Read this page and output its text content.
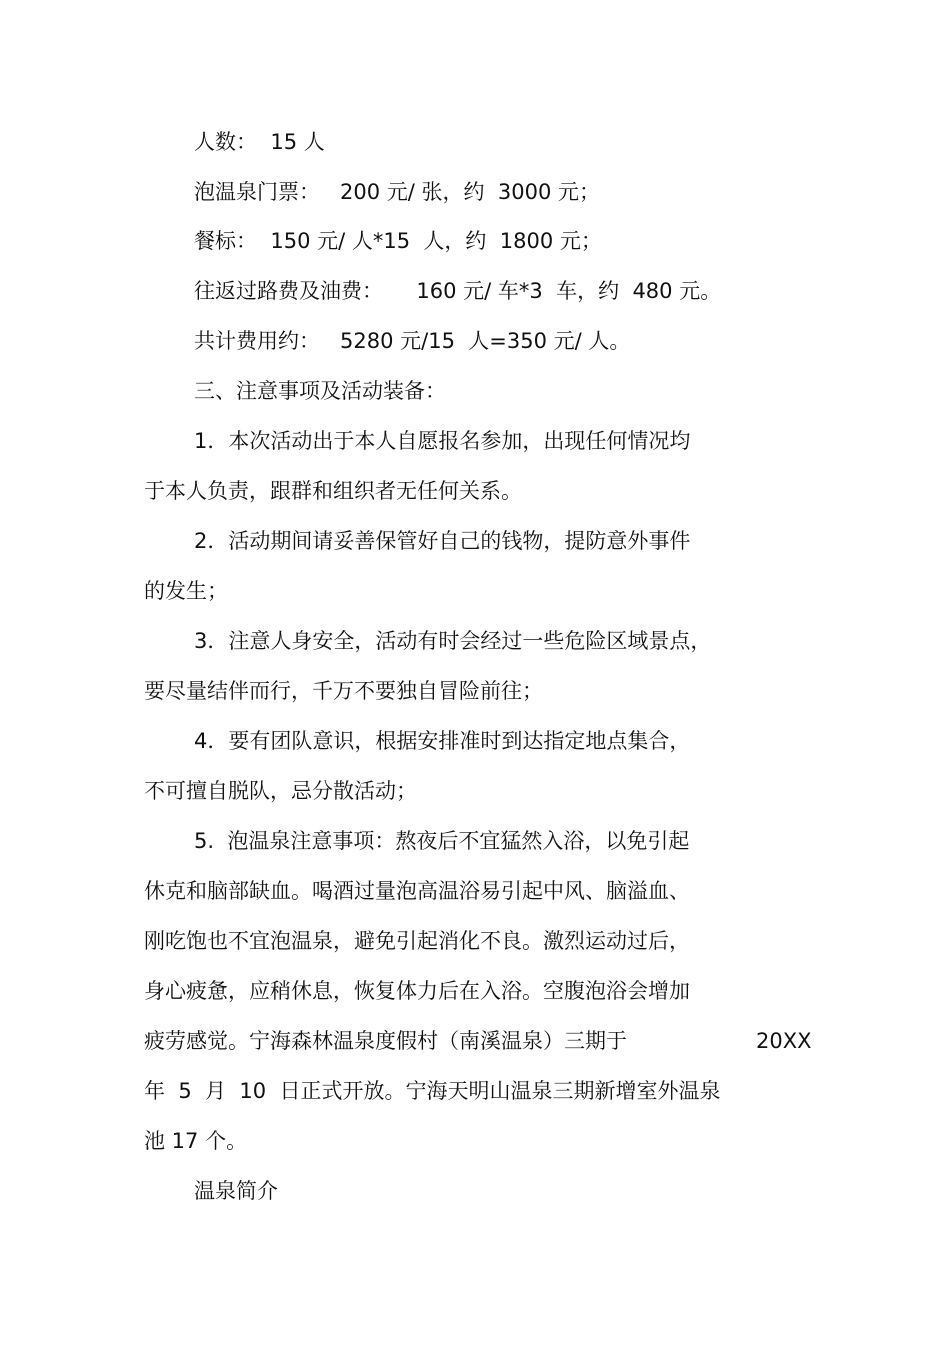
人数：  15 人

泡温泉门票：   200 元/ 张，约  3000 元；

餐标：  150 元/ 人*15  人，约  1800 元；

往返过路费及油费：     160 元/ 车*3  车，约  480 元。

共计费用约：   5280 元/15  人=350 元/ 人。

三、注意事项及活动装备：

1．本次活动出于本人自愿报名参加，出现任何情况均

于本人负责，跟群和组织者无任何关系。

2．活动期间请妥善保管好自己的钱物，提防意外事件

的发生；

3．注意人身安全，活动有时会经过一些危险区域景点，

要尽量结伴而行，千万不要独自冒险前往；

4．要有团队意识，根据安排准时到达指定地点集合，

不可擅自脱队，忌分散活动；

5.  泡温泉注意事项：熬夜后不宜猛然入浴，以免引起

休克和脑部缺血。喝酒过量泡高温浴易引起中风、脑溢血、

刚吃饱也不宜泡温泉，避免引起消化不良。激烈运动过后，

身心疲惫，应稍休息，恢复体力后在入浴。空腹泡浴会增加

疲劳感觉。宁海森林温泉度假村（南溪温泉）三期于	20XX

年  5  月  10  日正式开放。宁海天明山温泉三期新增室外温泉

池 17 个。

温泉简介
